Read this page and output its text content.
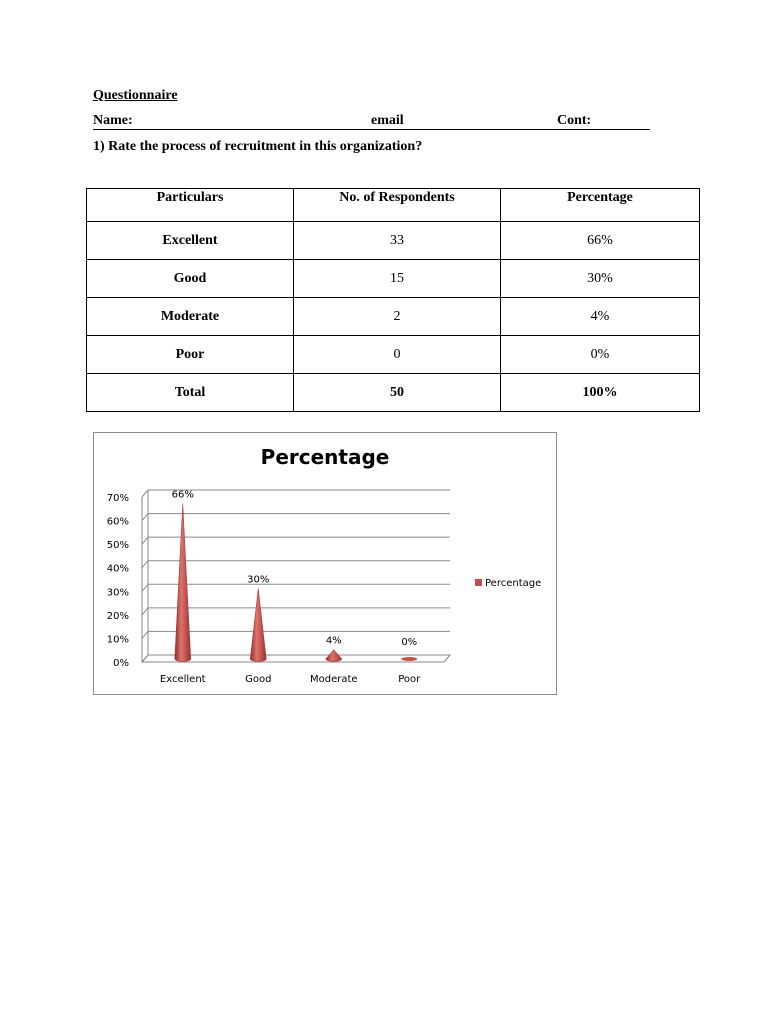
Questionnaire
Name:	email	Cont:
1) Rate the process of recruitment in this organization?
Particulars	No. of Respondents	Percentage
Excellent	33	66%
Good	15	30%
Moderate	2	4%
Poor	0	0%
Total	50	100%
Percentage
0%
10%
20%
30%
40%
50%
60%
70%	66%
30%
4%	0%
Excellent	Good	Moderate	Poor
Percentage
